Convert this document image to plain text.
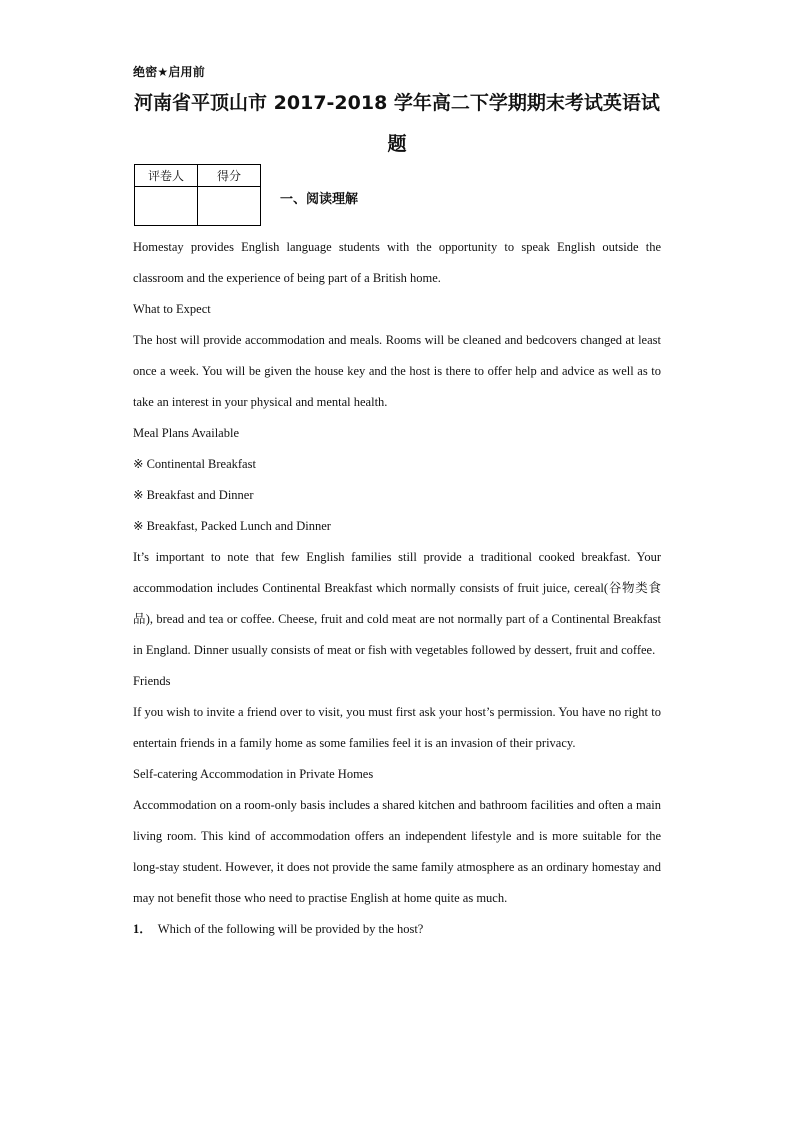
绝密★启用前
河南省平顶山市 2017-2018 学年高二下学期期末考试英语试
题
评卷人	得分

一、阅读理解

Homestay provides English language students with the opportunity to speak English outside the classroom and the experience of being part of a British home.

What to Expect

The host will provide accommodation and meals. Rooms will be cleaned and bedcovers changed at least once a week. You will be given the house key and the host is there to offer help and advice as well as to take an interest in your physical and mental health.

Meal Plans Available

※ Continental Breakfast

※ Breakfast and Dinner

※ Breakfast, Packed Lunch and Dinner

It’s important to note that few English families still provide a traditional cooked breakfast. Your accommodation includes Continental Breakfast which normally consists of fruit juice, cereal(谷物类食品), bread and tea or coffee. Cheese, fruit and cold meat are not normally part of a Continental Breakfast in England. Dinner usually consists of meat or fish with vegetables followed by dessert, fruit and coffee.

Friends

If you wish to invite a friend over to visit, you must first ask your host’s permission. You have no right to entertain friends in a family home as some families feel it is an invasion of their privacy.

Self-catering Accommodation in Private Homes

Accommodation on a room-only basis includes a shared kitchen and bathroom facilities and often a main living room. This kind of accommodation offers an independent lifestyle and is more suitable for the long-stay student. However, it does not provide the same family atmosphere as an ordinary homestay and may not benefit those who need to practise English at home quite as much.

1． Which of the following will be provided by the host?
